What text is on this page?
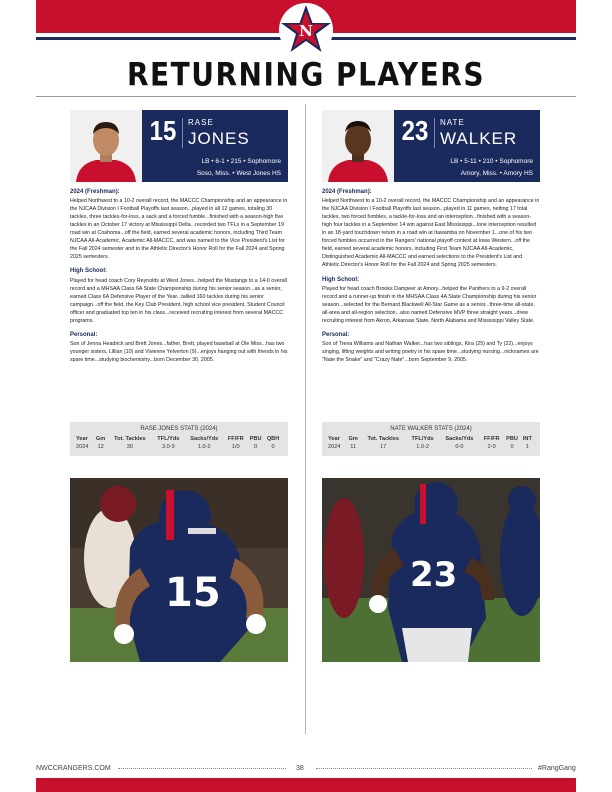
N
RETURNING PLAYERS
15	RASE
JONES
LB • 6-1 • 215 • Sophomore
Soso, Miss. • West Jones HS
2024 (Freshman):
Helped Northwest to a 10-2 overall record, the MACCC Championship and an appearance in the NJCAA Division I Football Playoffs last season...played in all 12 games, totaling 30 tackles, three tackles-for-loss, a sack and a forced fumble...finished with a season-high five tackles in an October 17 victory at Mississippi Delta...recorded two TFLs in a September 19 road win at Coahoma...off the field, earned several academic honors, including Third Team NJCAA All-Academic, Academic All-MACCC, and was named to the Vice President's List for the Fall 2024 semester and to the Athletic Director's Honor Roll for the Fall 2024 and Spring 2025 semesters.
High School:
Played for head coach Cory Reynolds at West Jones...helped the Mustangs to a 14-0 overall record and a MHSAA Class 6A State Championship during his senior season...as a senior, earned Class 6A Defensive Player of the Year...tallied 160 tackles during his senior campaign...off the field, the Key Club President, high school vice president, Student Council officer and graduated top ten in his class...received recruiting interest from several MACCC programs.
Personal:
Son of Jenna Headrick and Brett Jones...father, Brett, played baseball at Ole Miss...has two younger sisters, Lillian (10) and Vivienne Yelverton (9)...enjoys hanging out with friends in his spare time...studying biochemistry...born December 30, 2005.
RASE JONES STATS (2024)
Year	Gm	Tot. Tackles	TFL/Yds	Sacks/Yds	FF/FR	PBU	QBH
2024	12	30	3.0-9	1.0-2	1/0	0	0
15
23	NATE
WALKER
LB • 5-11 • 210 • Sophomore
Amory, Miss. • Amory HS
2024 (Freshman):
Helped Northwest to a 10-2 overall record, the MACCC Championship and an appearance in the NJCAA Division I Football Playoffs last season...played in 11 games, netting 17 total tackles, two forced fumbles, a tackle-for-loss and an interception...finished with a season-high four tackles in a September 14 win against East Mississippi...lone interception resulted in an 18-yard touchdown return in a road win at Itawamba on November 1...one of his two forced fumbles occurred in the Rangers' national playoff contest at Iowa Western...off the field, earned several academic honors, including First Team NJCAA All-Academic, Distinguished Academic All-MACCC and earned selections to the President's List and Athletic Director's Honor Roll for the Fall 2024 and Spring 2025 semesters.
High School:
Played for head coach Brooks Dampeer at Amory...helped the Panthers to a 9-2 overall record and a runner-up finish in the MHSAA Class 4A State Championship during his senior season...selected for the Bernard Blackwell All-Star Game as a senior...three-time all-state, all-area and all-region selection...also named Defensive MVP three straight years...drew recruiting interest from Akron, Arkansas State, North Alabama and Mississippi Valley State.
Personal:
Son of Trena Williams and Nathan Walker...has two siblings, Kira (25) and Ty (22)...enjoys singing, lifting weights and writing poetry in his spare time...studying nursing...nicknames are "Nate the Snake" and "Crazy Nate"...born September 9, 2005.
NATE WALKER STATS (2024)
Year	Gm	Tot. Tackles	TFL/Yds	Sacks/Yds	FF/FR	PBU	INT
2024	11	17	1.0-2	0-0	2-0	0	1
23
NWCCRANGERS.COM	38	#RangGang
